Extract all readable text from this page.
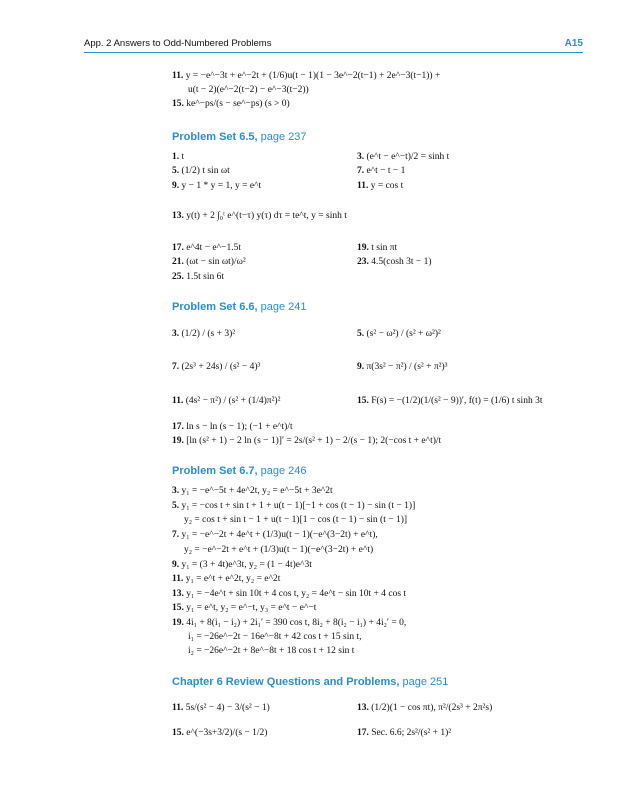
App. 2 Answers to Odd-Numbered Problems	A15
11. y = −e^−3t + e^−2t + (1/6)u(t − 1)(1 − 3e^−2(t−1) + 2e^−3(t−1)) +
u(t − 2)(e^−2(t−2) − e^−3(t−2))
15. ke^−ps/(s − se^−ps) (s > 0)
Problem Set 6.5, page 237
1. t	3. (e^t − e^−t)/2 = sinh t
5. (1/2) t sin ωt	7. e^t − t − 1
9. y − 1 * y = 1, y = e^t	11. y = cos t
13. y(t) + 2 ∫₀ᵗ e^(t−τ) y(τ) dτ = te^t, y = sinh t
17. e^4t − e^−1.5t	19. t sin πt
21. (ωt − sin ωt)/ω²	23. 4.5(cosh 3t − 1)
25. 1.5t sin 6t
Problem Set 6.6, page 241
3. (1/2) / (s + 3)²	5. (s² − ω²) / (s² + ω²)²
7. (2s³ + 24s) / (s² − 4)³	9. π(3s² − π²) / (s² + π²)³
11. (4s² − π²) / (s² + (1/4)π²)²	15. F(s) = −(1/2)(1/(s² − 9))′, f(t) = (1/6) t sinh 3t
17. ln s − ln (s − 1); (−1 + e^t)/t
19. [ln (s² + 1) − 2 ln (s − 1)]′ = 2s/(s² + 1) − 2/(s − 1); 2(−cos t + e^t)/t
Problem Set 6.7, page 246
3. y₁ = −e^−5t + 4e^2t, y₂ = e^−5t + 3e^2t
5. y₁ = −cos t + sin t + 1 + u(t − 1)[−1 + cos (t − 1) − sin (t − 1)]
y₂ = cos t + sin t − 1 + u(t − 1)[1 − cos (t − 1) − sin (t − 1)]
7. y₁ = −e^−2t + 4e^t + (1/3)u(t − 1)(−e^(3−2t) + e^t),
y₂ = −e^−2t + e^t + (1/3)u(t − 1)(−e^(3−2t) + e^t)
9. y₁ = (3 + 4t)e^3t, y₂ = (1 − 4t)e^3t
11. y₁ = e^t + e^2t, y₂ = e^2t
13. y₁ = −4e^t + sin 10t + 4 cos t, y₂ = 4e^t − sin 10t + 4 cos t
15. y₁ = e^t, y₂ = e^−t, y₃ = e^t − e^−t
19. 4i₁ + 8(i₁ − i₂) + 2i₁′ = 390 cos t, 8i₂ + 8(i₂ − i₁) + 4i₂′ = 0,
i₁ = −26e^−2t − 16e^−8t + 42 cos t + 15 sin t,
i₂ = −26e^−2t + 8e^−8t + 18 cos t + 12 sin t
Chapter 6 Review Questions and Problems, page 251
11. 5s/(s² − 4) − 3/(s² − 1)	13. (1/2)(1 − cos πt), π²/(2s³ + 2π²s)
15. e^(−3s+3/2)/(s − 1/2)	17. Sec. 6.6; 2s²/(s² + 1)²
